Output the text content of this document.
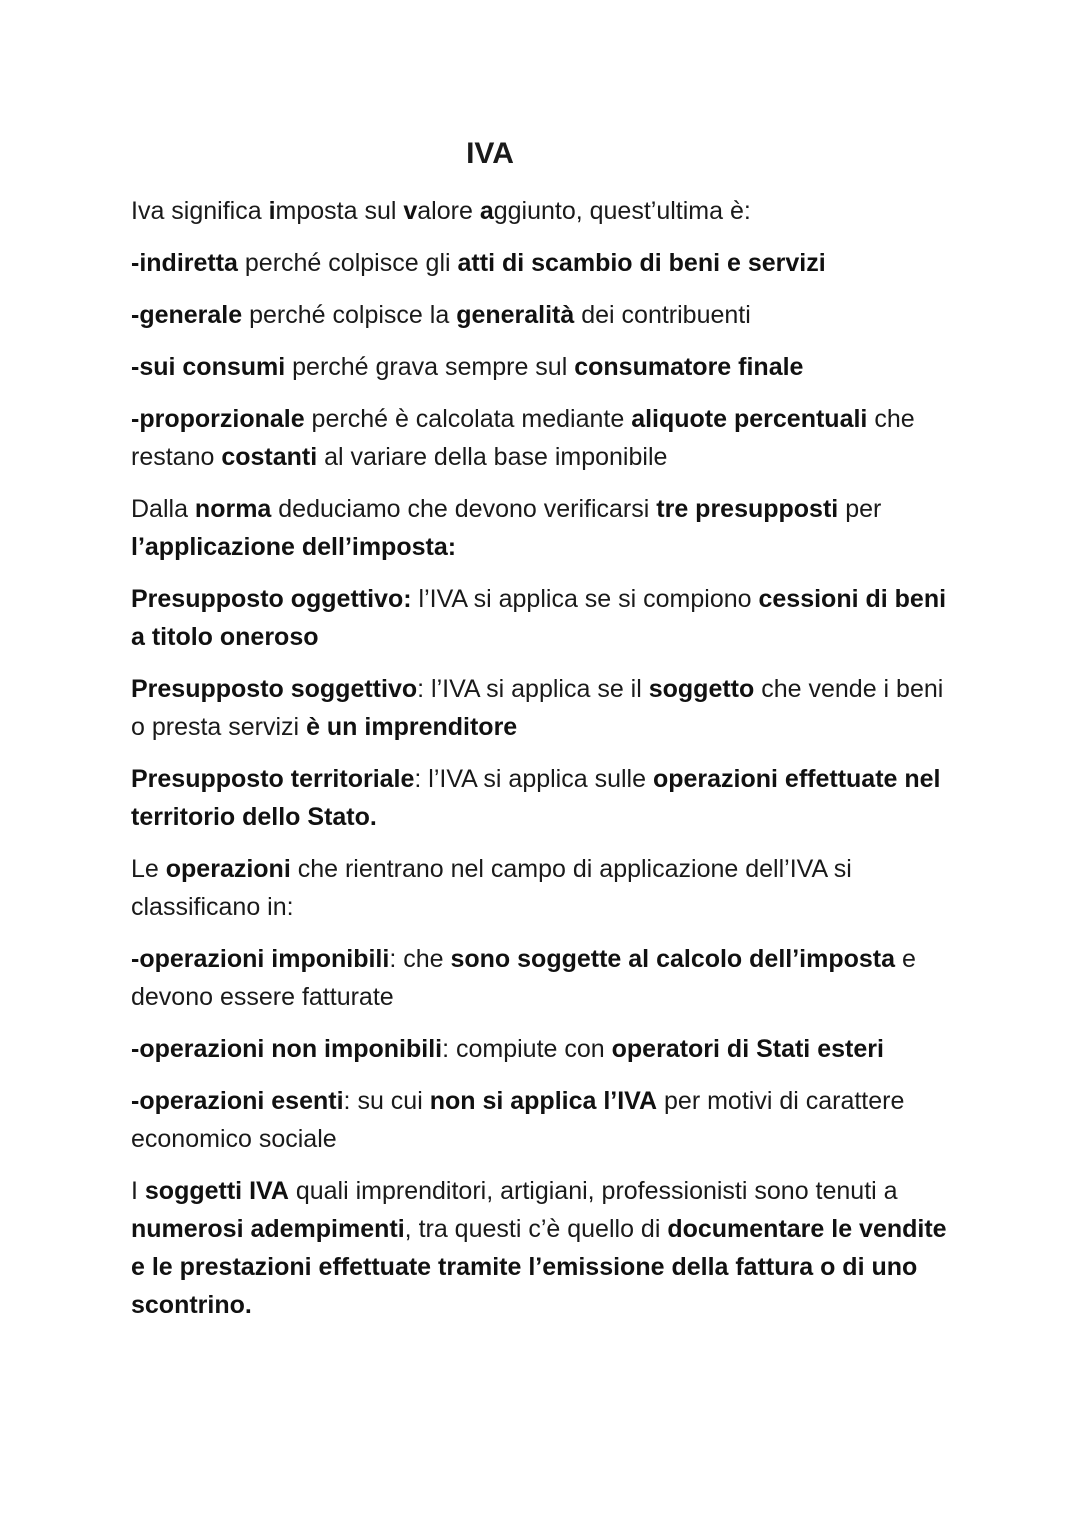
IVA

Iva significa imposta sul valore aggiunto, quest’ultima è:

-indiretta perché colpisce gli atti di scambio di beni e servizi

-generale perché colpisce la generalità dei contribuenti

-sui consumi perché grava sempre sul consumatore finale

-proporzionale perché è calcolata mediante aliquote percentuali che restano costanti al variare della base imponibile

Dalla norma deduciamo che devono verificarsi tre presupposti per l’applicazione dell’imposta:

Presupposto oggettivo: l’IVA si applica se si compiono cessioni di beni a titolo oneroso

Presupposto soggettivo: l’IVA si applica se il soggetto che vende i beni o presta servizi è un imprenditore

Presupposto territoriale: l’IVA si applica sulle operazioni effettuate nel territorio dello Stato.

Le operazioni che rientrano nel campo di applicazione dell’IVA si classificano in:

-operazioni imponibili: che sono soggette al calcolo dell’imposta e devono essere fatturate

-operazioni non imponibili: compiute con operatori di Stati esteri

-operazioni esenti: su cui non si applica l’IVA per motivi di carattere economico sociale

I soggetti IVA quali imprenditori, artigiani, professionisti sono tenuti a numerosi adempimenti, tra questi c’è quello di documentare le vendite e le prestazioni effettuate tramite l’emissione della fattura o di uno scontrino.
